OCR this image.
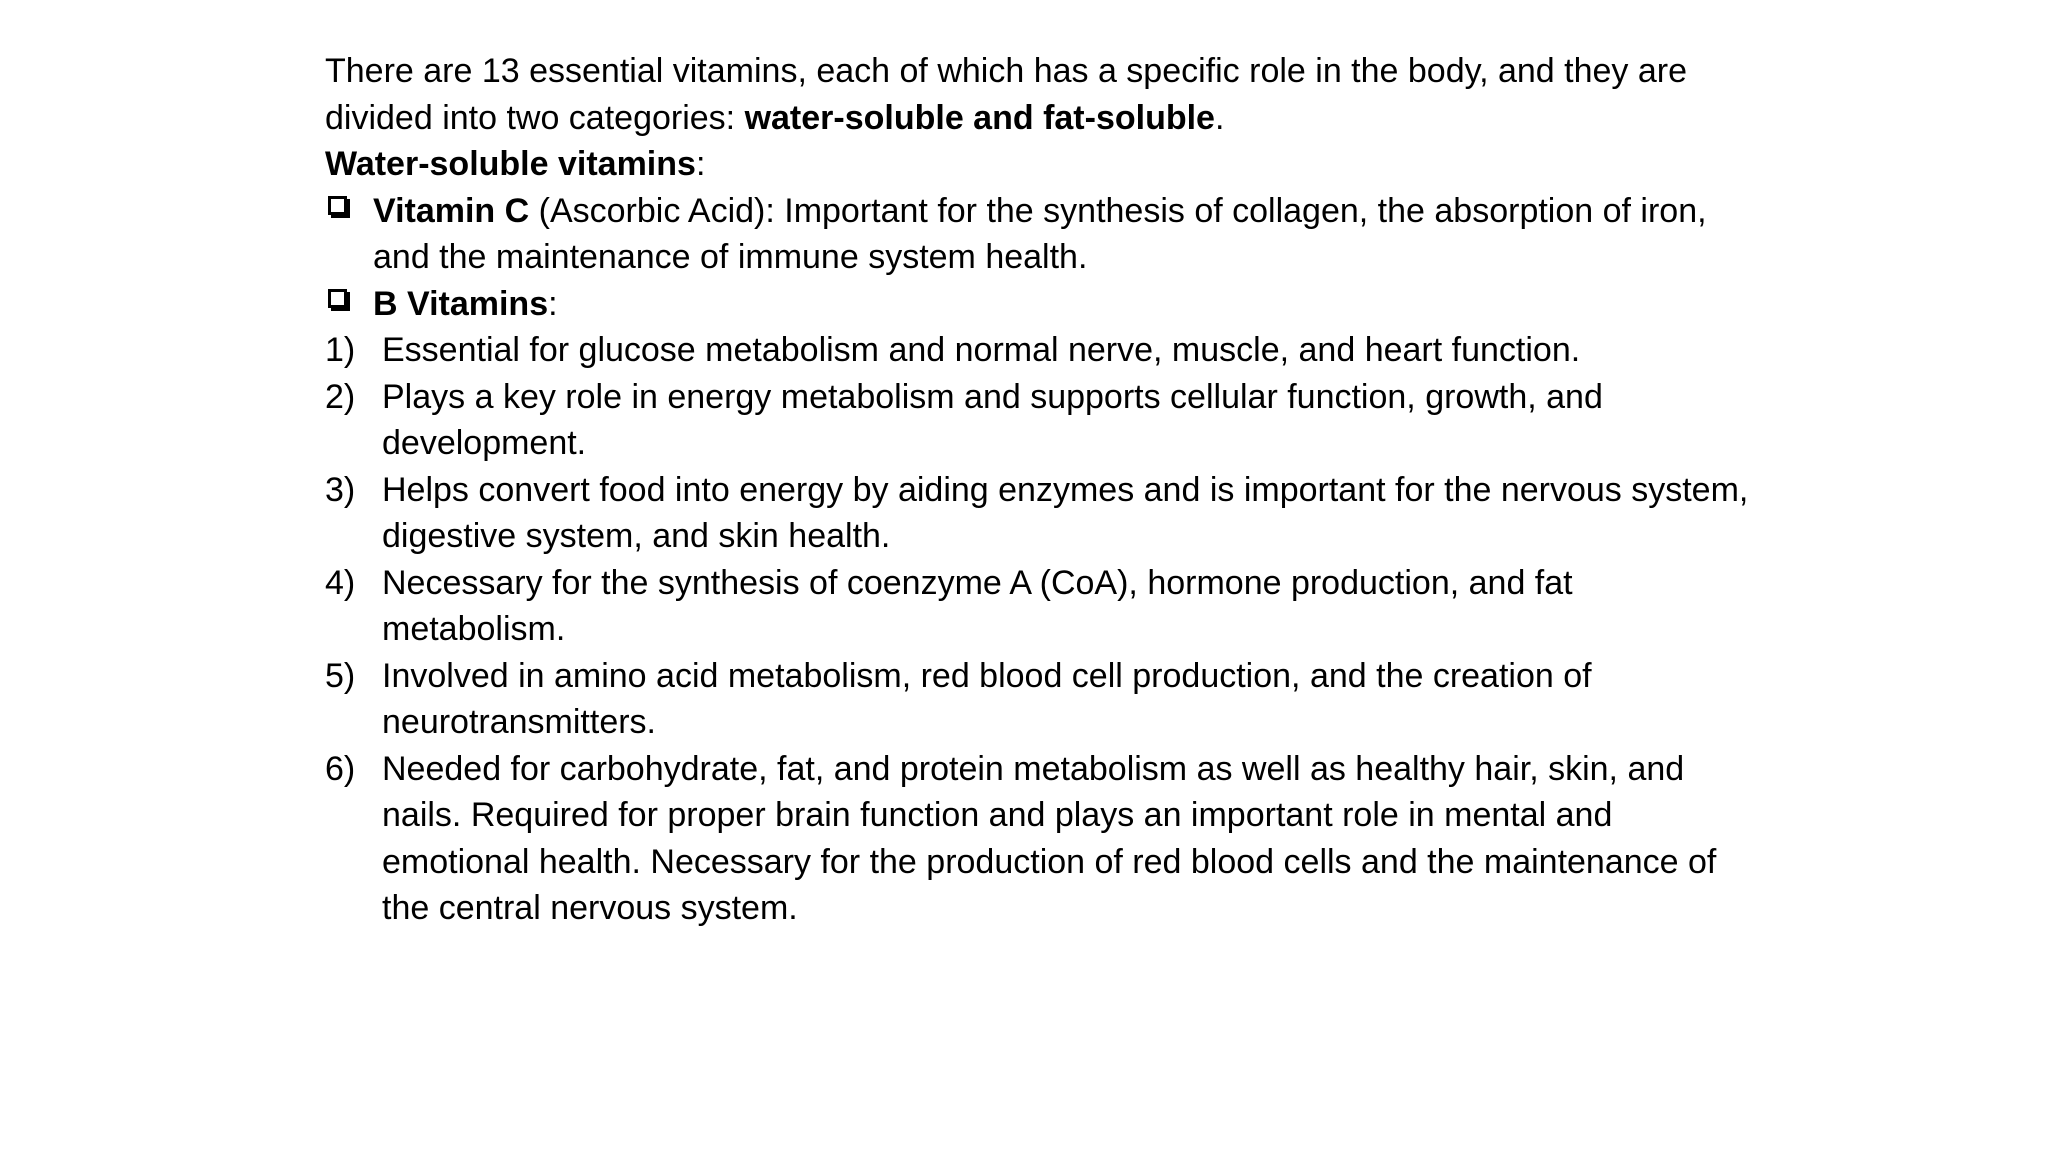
There are 13 essential vitamins, each of which has a specific role in the body, and they are divided into two categories: water-soluble and fat-soluble.

Water-soluble vitamins:

Vitamin C (Ascorbic Acid): Important for the synthesis of collagen, the absorption of iron, and the maintenance of immune system health.

B Vitamins:

1) Essential for glucose metabolism and normal nerve, muscle, and heart function.

2) Plays a key role in energy metabolism and supports cellular function, growth, and development.

3) Helps convert food into energy by aiding enzymes and is important for the nervous system, digestive system, and skin health.

4) Necessary for the synthesis of coenzyme A (CoA), hormone production, and fat metabolism.

5) Involved in amino acid metabolism, red blood cell production, and the creation of neurotransmitters.

6) Needed for carbohydrate, fat, and protein metabolism as well as healthy hair, skin, and nails. Required for proper brain function and plays an important role in mental and emotional health. Necessary for the production of red blood cells and the maintenance of the central nervous system.
